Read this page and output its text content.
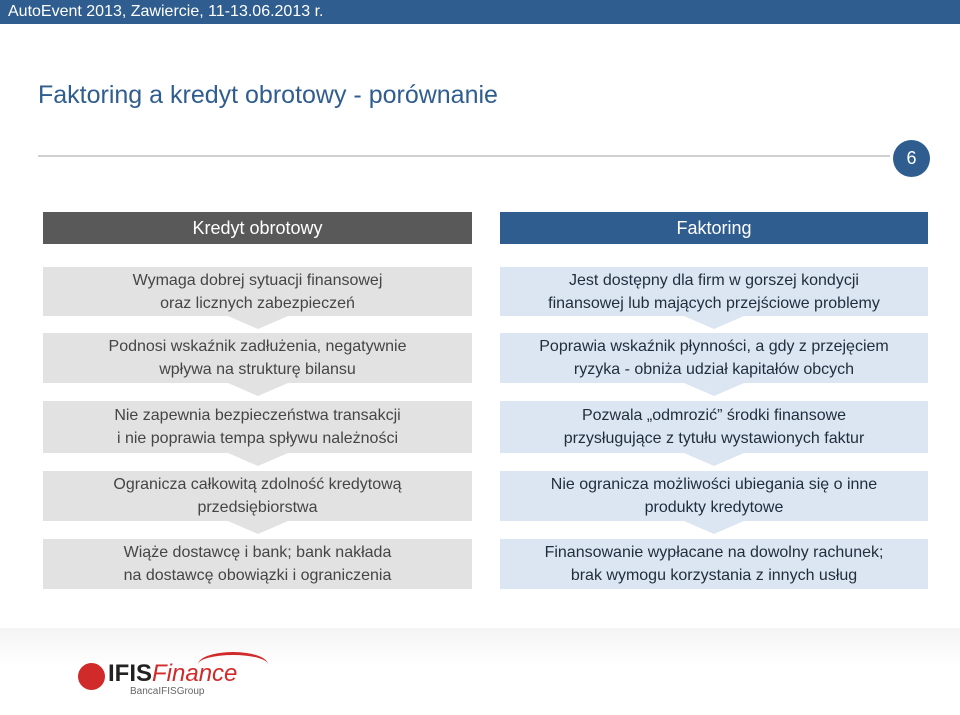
AutoEvent 2013, Zawiercie, 11-13.06.2013 r.
Faktoring a kredyt obrotowy - porównanie
6
Kredyt obrotowy	Faktoring
Wymaga dobrej sytuacji finansowej
oraz licznych zabezpieczeń
Podnosi wskaźnik zadłużenia, negatywnie
wpływa na strukturę bilansu
Nie zapewnia bezpieczeństwa transakcji
i nie poprawia tempa spływu należności
Ogranicza całkowitą zdolność kredytową
przedsiębiorstwa
Wiąże dostawcę i bank; bank nakłada
na dostawcę obowiązki i ograniczenia
Jest dostępny dla firm w gorszej kondycji
finansowej lub mających przejściowe problemy
Poprawia wskaźnik płynności, a gdy z przejęciem
ryzyka - obniża udział kapitałów obcych
Pozwala „odmrozić” środki finansowe
przysługujące z tytułu wystawionych faktur
Nie ogranicza możliwości ubiegania się o inne
produkty kredytowe
Finansowanie wypłacane na dowolny rachunek;
brak wymogu korzystania z innych usług
IFISFinance
BancaIFISGroup
